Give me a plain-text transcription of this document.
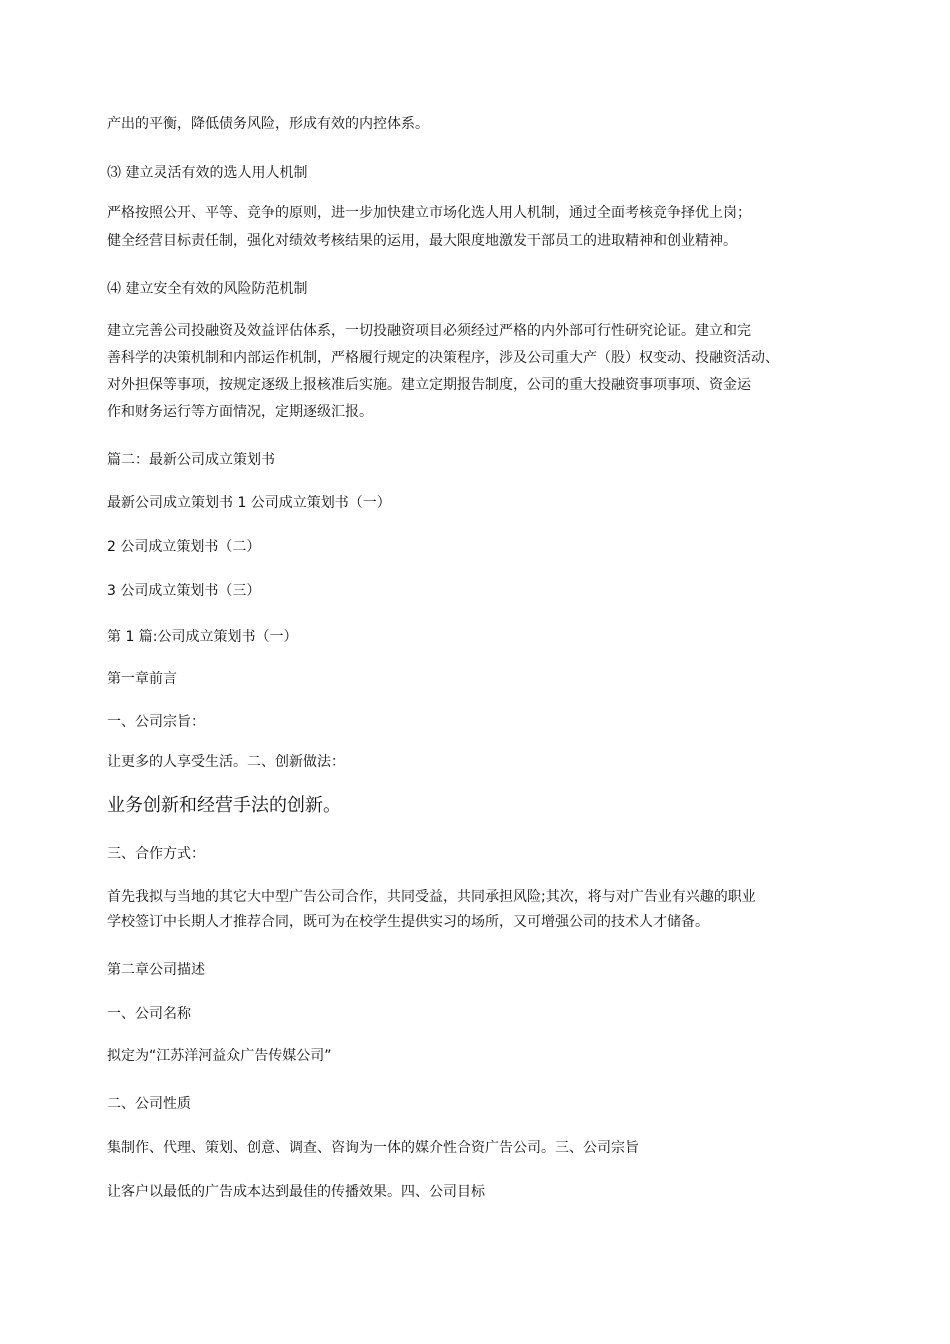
产出的平衡，降低债务风险，形成有效的内控体系。

⑶ 建立灵活有效的选人用人机制

严格按照公开、平等、竞争的原则，进一步加快建立市场化选人用人机制，通过全面考核竞争择优上岗；

健全经营目标责任制，强化对绩效考核结果的运用，最大限度地激发干部员工的进取精神和创业精神。

⑷ 建立安全有效的风险防范机制

建立完善公司投融资及效益评估体系，一切投融资项目必须经过严格的内外部可行性研究论证。建立和完

善科学的决策机制和内部运作机制，严格履行规定的决策程序，涉及公司重大产（股）权变动、投融资活动、

对外担保等事项，按规定逐级上报核准后实施。建立定期报告制度，公司的重大投融资事项事项、资金运

作和财务运行等方面情况，定期逐级汇报。

篇二：最新公司成立策划书

最新公司成立策划书 1 公司成立策划书（一）

2 公司成立策划书（二）

3 公司成立策划书（三）

第 1 篇:公司成立策划书（一）

第一章前言

一、公司宗旨：

让更多的人享受生活。二、创新做法：

业务创新和经营手法的创新。

三、合作方式：

首先我拟与当地的其它大中型广告公司合作，共同受益，共同承担风险;其次，将与对广告业有兴趣的职业

学校签订中长期人才推荐合同，既可为在校学生提供实习的场所，又可增强公司的技术人才储备。

第二章公司描述

一、公司名称

拟定为“江苏洋河益众广告传媒公司”

二、公司性质

集制作、代理、策划、创意、调查、咨询为一体的媒介性合资广告公司。三、公司宗旨

让客户以最低的广告成本达到最佳的传播效果。四、公司目标
